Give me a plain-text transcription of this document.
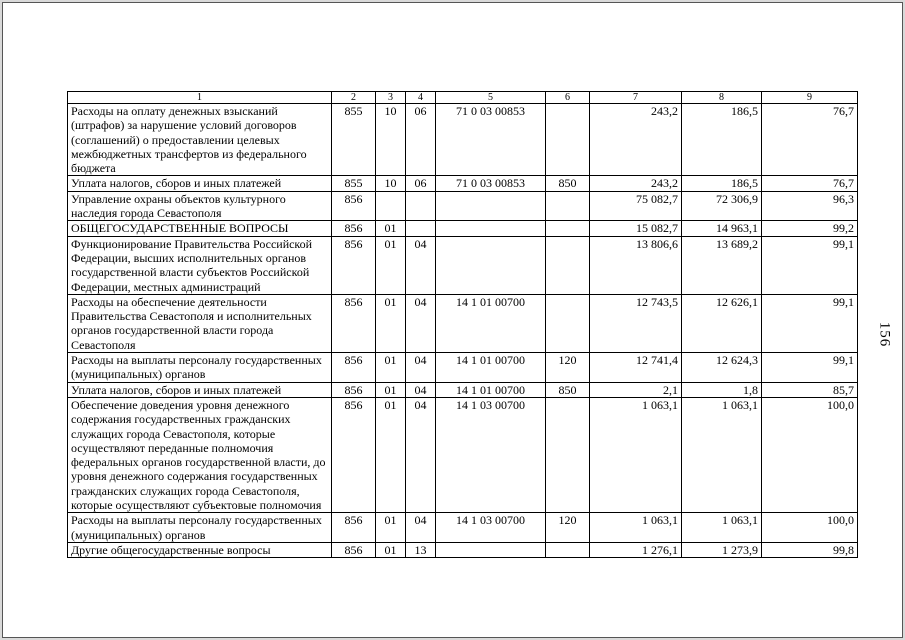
1	2	3	4	5	6	7	8	9
Расходы на оплату денежных взысканий (штрафов) за нарушение условий договоров (соглашений) о предоставлении целевых межбюджетных трансфертов из федерального бюджета	855	10	06	71 0 03 00853		243,2	186,5	76,7
Уплата налогов, сборов и иных платежей	855	10	06	71 0 03 00853	850	243,2	186,5	76,7
Управление охраны объектов культурного наследия города Севастополя	856					75 082,7	72 306,9	96,3
ОБЩЕГОСУДАРСТВЕННЫЕ ВОПРОСЫ	856	01				15 082,7	14 963,1	99,2
Функционирование Правительства Российской Федерации, высших исполнительных органов государственной власти субъектов Российской Федерации, местных администраций	856	01	04			13 806,6	13 689,2	99,1
Расходы на обеспечение деятельности Правительства Севастополя и исполнительных органов государственной власти города Севастополя	856	01	04	14 1 01 00700		12 743,5	12 626,1	99,1
Расходы на выплаты персоналу государственных (муниципальных) органов	856	01	04	14 1 01 00700	120	12 741,4	12 624,3	99,1
Уплата налогов, сборов и иных платежей	856	01	04	14 1 01 00700	850	2,1	1,8	85,7
Обеспечение доведения уровня денежного содержания государственных гражданских служащих города Севастополя, которые осуществляют переданные полномочия федеральных органов государственной власти, до уровня денежного содержания государственных гражданских служащих города Севастополя, которые осуществляют субъектовые полномочия	856	01	04	14 1 03 00700		1 063,1	1 063,1	100,0
Расходы на выплаты персоналу государственных (муниципальных) органов	856	01	04	14 1 03 00700	120	1 063,1	1 063,1	100,0
Другие общегосударственные вопросы	856	01	13			1 276,1	1 273,9	99,8
156
